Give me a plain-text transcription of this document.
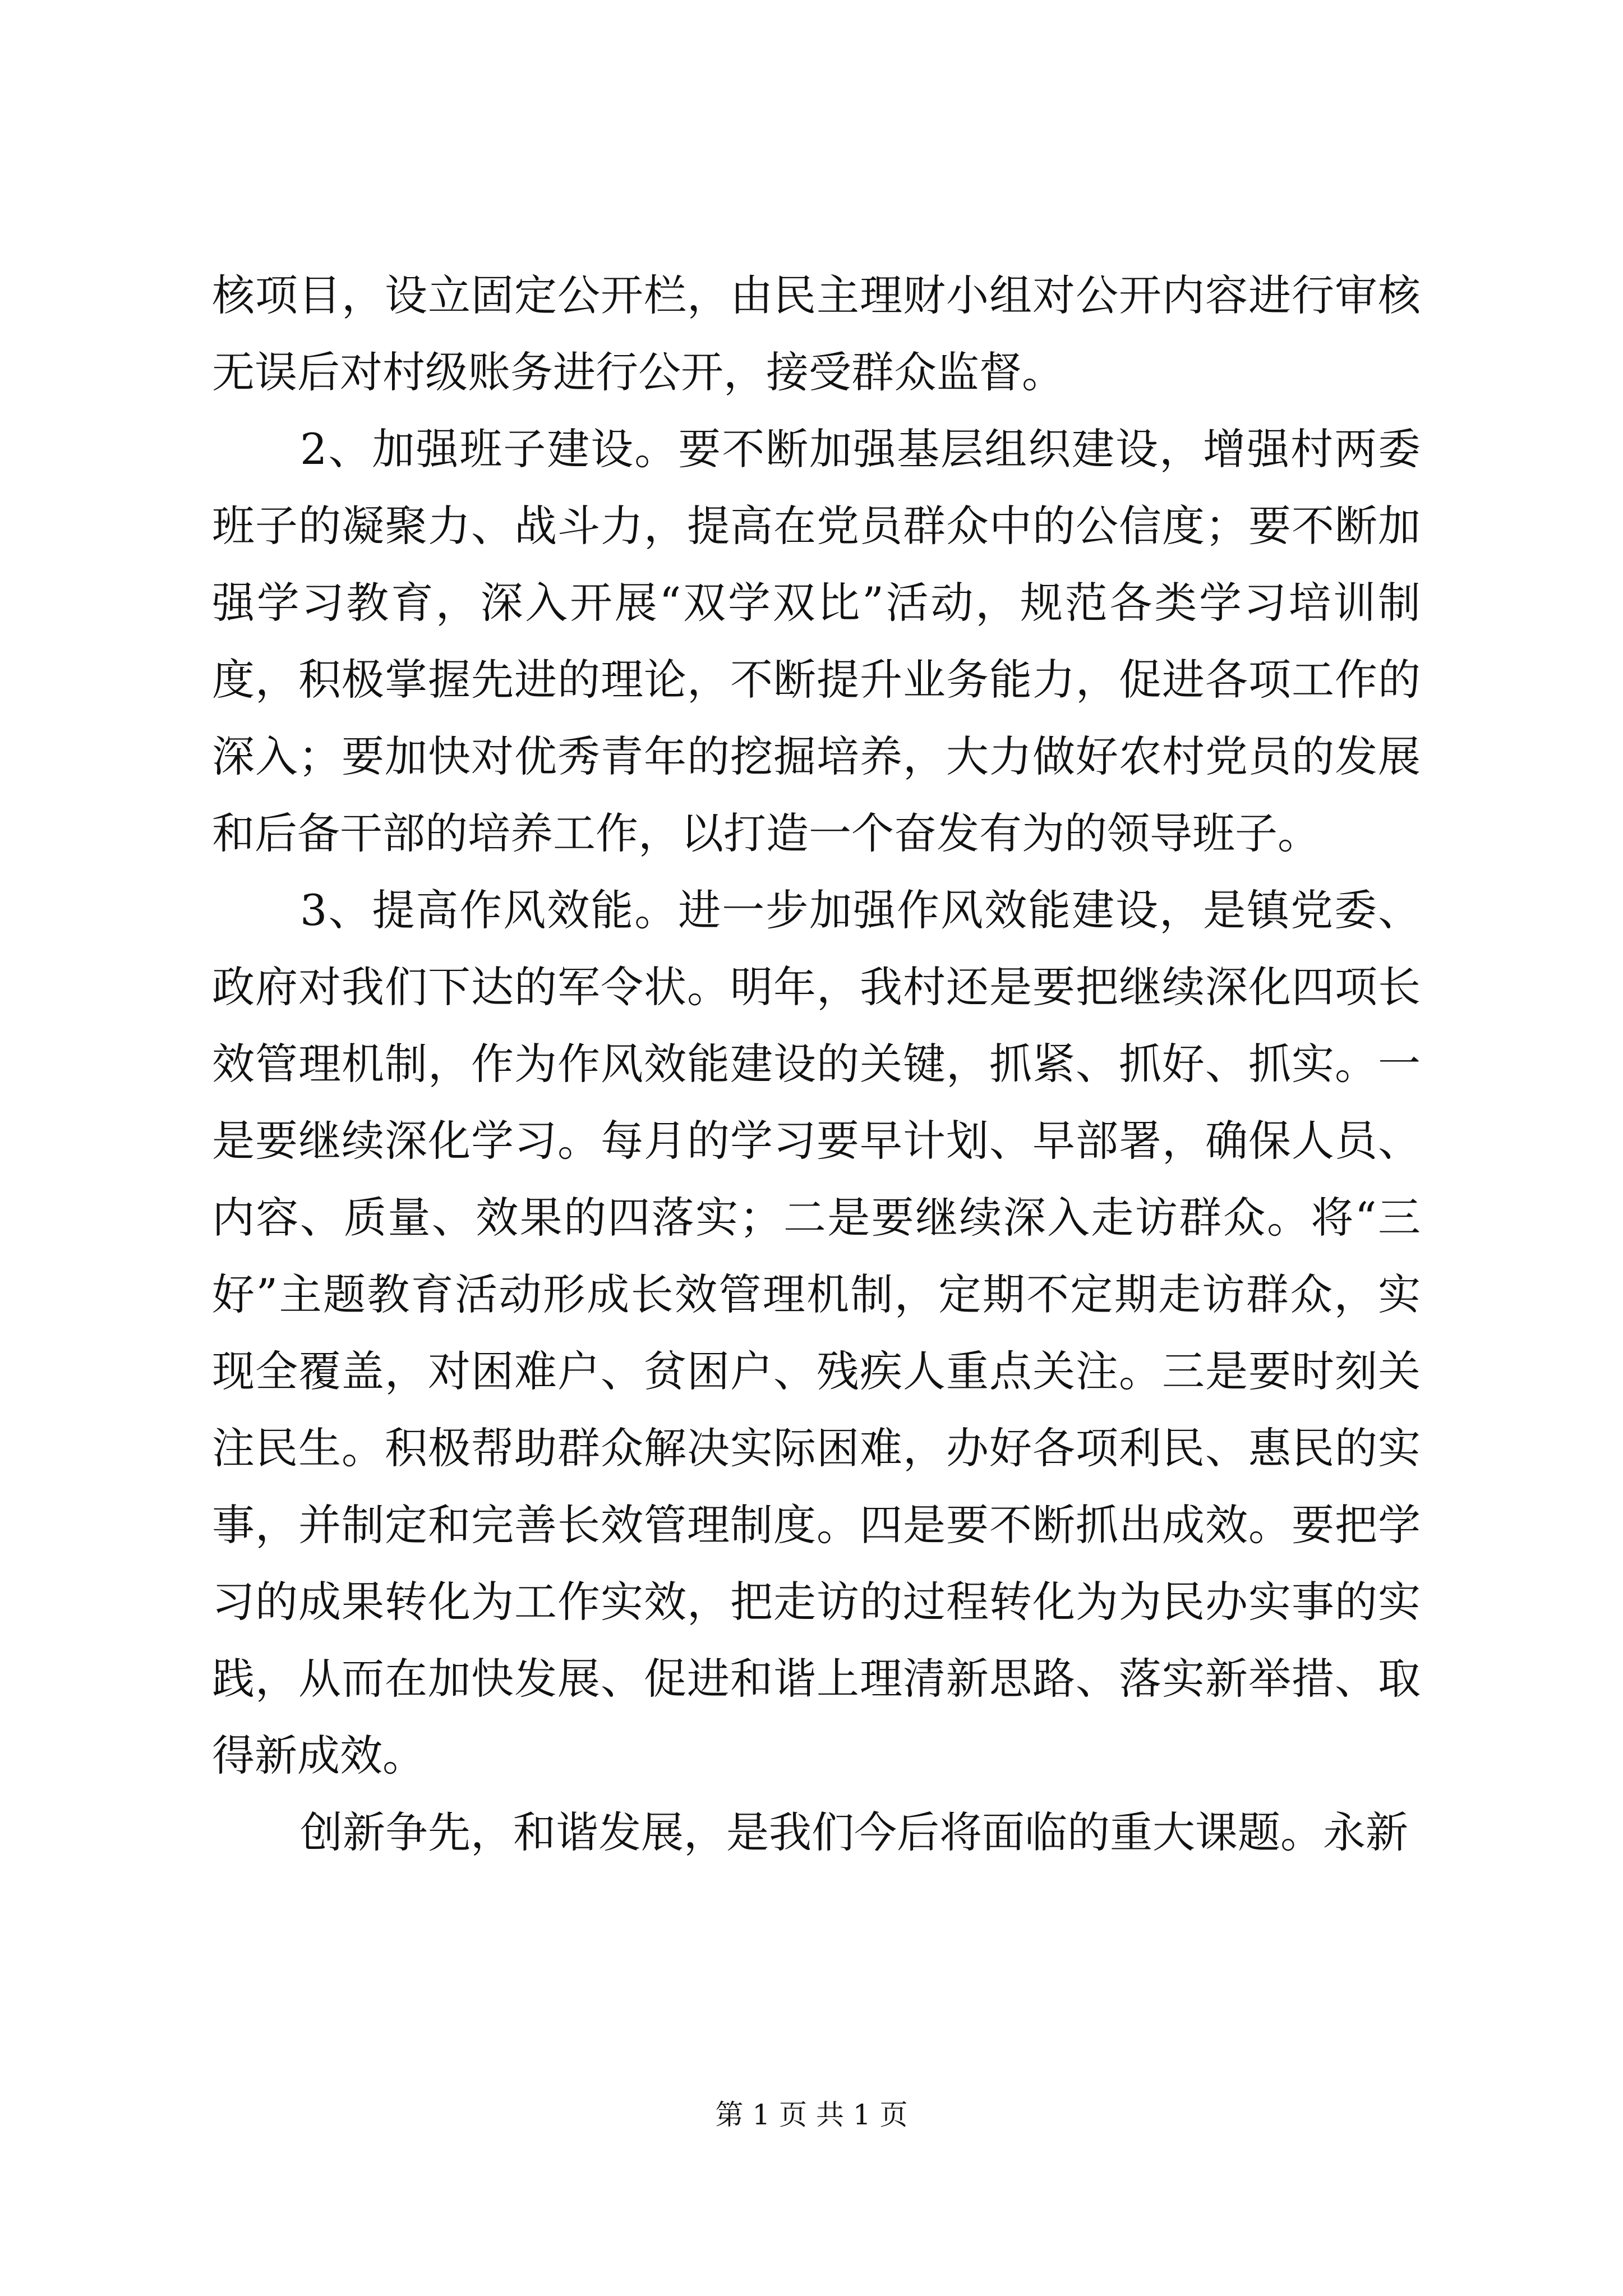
核项目，设立固定公开栏，由民主理财小组对公开内容进行审核
无误后对村级账务进行公开，接受群众监督。
2、加强班子建设。要不断加强基层组织建设，增强村两委
班子的凝聚力、战斗力，提高在党员群众中的公信度；要不断加
强学习教育，深入开展“双学双比”活动，规范各类学习培训制
度，积极掌握先进的理论，不断提升业务能力，促进各项工作的
深入；要加快对优秀青年的挖掘培养，大力做好农村党员的发展
和后备干部的培养工作，以打造一个奋发有为的领导班子。
3、提高作风效能。进一步加强作风效能建设，是镇党委、
政府对我们下达的军令状。明年，我村还是要把继续深化四项长
效管理机制，作为作风效能建设的关键，抓紧、抓好、抓实。一
是要继续深化学习。每月的学习要早计划、早部署，确保人员、
内容、质量、效果的四落实；二是要继续深入走访群众。将“三
好”主题教育活动形成长效管理机制，定期不定期走访群众，实
现全覆盖，对困难户、贫困户、残疾人重点关注。三是要时刻关
注民生。积极帮助群众解决实际困难，办好各项利民、惠民的实
事，并制定和完善长效管理制度。四是要不断抓出成效。要把学
习的成果转化为工作实效，把走访的过程转化为为民办实事的实
践，从而在加快发展、促进和谐上理清新思路、落实新举措、取
得新成效。
创新争先，和谐发展，是我们今后将面临的重大课题。永新
第 1 页 共 1 页
